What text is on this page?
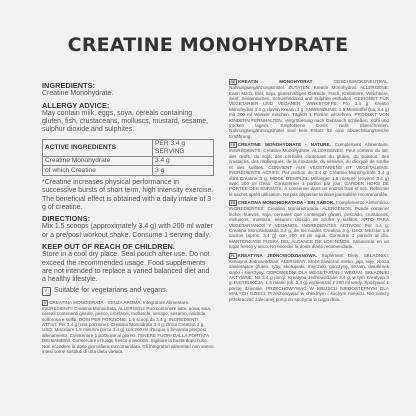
CREATINE MONOHYDRATE
INGREDIENTS:
Creatine Monohydrate.
ALLERGY ADVICE:
May contain milk, eggs, soya, cereals containing gluten, fish, crustaceans, molluscs, mustard, sesame, sulphur dioxide and sulphites.
ACTIVE INGREDIENTS	PER 3.4 g SERVING
Creatine Monohydrate	3.4 g
of which Creatine	3 g
*Creatine increases physical performance in successive bursts of short term, high intensity exercise. The beneficial effect is obtained with a daily intake of 3 g of creatine.
DIRECTIONS:
Mix 1.5 scoops (approximately 3.4 g) with 200 ml water or a pre/post workout shake. Consume 1 serving daily.
KEEP OUT OF REACH OF CHILDREN.
Store in a cool dry place. Seal pouch after use. Do not exceed the recommended usage. Food supplements are not intended to replace a varied balanced diet and a healthy lifestyle.
✓ Suitable for vegetarians and vegans.
IT CREATINA MONOIDRATA - SENZA AROMA. Integratore Alimentare. INGREDIENTI: Creatina Monoidrata. ALLERGENI: Può contenere latte, uova, soia, cereali contenenti glutine, pesce, crostacei, molluschi, senape, sesamo, anidride solforosa e solfiti. DOSI PER PORZIONE: 1.5 scoop da 3.4 g. INGREDIENTI ATTIVI: Per 3.4 g (una porzione): Creatina Monoidrata 3.4 g, di cui Creatina 3 g. USO: Miscelare 1.5 misurini (circa 3.4 g) con 200 ml d'acqua o bevanda pre/post allenamento. Consumare 1 porzione al giorno. TENERE FUORI DALLA PORTATA DEI BAMBINI. Conservare in luogo fresco e asciutto. Sigillare la busta dopo l'uso. Non eccedere la dose giornaliera raccomandata. Gli integratori alimentari non vanno intesi come sostituti di una dieta variata.
DE KREATIN MONOHYDRAT	GESCHMACKSNEUTRAL. Nahrungsergänzungsmittel. ZUTATEN: Kreatin Monohydrat. ALLERGENE: Kann Milch, Eier, Soja, glutenhaltiges Getreide, Fisch, Krebstiere, Weichtiere, Senf, Sesamsamen, Schwefeldioxid und Sulphite enthalten. GEEIGNET FÜR VEGETARIER UND VEGANER. WIRKSTOFFE: Pro 3.4 g: Kreatin Monohydrat 3.4 g, davon Kreatin 3 g. ANWENDUNG: 1.5 Messlöffel (ca. 3.4 g) mit 200 ml Wasser mischen. Täglich 1 Portion verzehren. PRODUKT VON KINDERN FERNHALTEN. Vergrößerung nach Gebrauch schließen. Kühl und trocken lagern. Empfohlene Dosis nicht überschreiten. Nahrungsergänzungsmittel sind kein Ersatz für eine abwechslungsreiche Ernährung.
FR CREATINE MONOHYDRATE - NATURE. Complément Alimentaire. INGRÉDIENTS: Créatine Monohydrate. ALLERGÈNES: Peut contenir du lait, des œufs, du soja, des céréales contenant du gluten, du poisson, des crustacés, des mollusques, de la moutarde, du sésame, du dioxyde de soufre et des sulfites. CONVIENT AUX VÉGÉTARIENS ET VÉGÉTALIENS. INGRÉDIENTS ACTIFS: Par portion de 3.4 g: Créatine Monohydrate 3.4 g dont Créatine 3 g. MODE D'EMPLOI: Mélanger 1.5 mesure (environ 3.4 g) avec 200 ml d'eau. Consommer 1 portion par jour. GARDER HORS DE PORTÉE DES ENFANTS. À conserver dans un endroit frais et sec. Refermer le sachet après utilisation. Ne pas dépasser la dose journalière recommandée.
ES CREATINA MONOHIDRATADA - SIN SABOR. Complemento Alimenticio. INGREDIENTES: Creatina Monohidratada. ALERGENOS: Puede contener leche, huevos, soja, cereales que contengan gluten, pescado, crustáceos, moluscos, mostaza, sésamo, dióxido de azufre y sulfitos. APTO PARA VEGETARIANOS Y VEGANOS. INGREDIENTES ACTIVOS: Por 3.4 g: Creatina Monohidratada 3.4 g, de los cuales Creatina 3 g. USO: Mezclar 1.5 cacitos (aprox. 3.4 g) con 200 ml de agua. Consumir 1 porción al día. MANTENGASE FUERA DEL ALCANCE DE LOS NIÑOS. Almacenar en un lugar fresco y seco. No exceder la dosis diaria recomendada.
PL KREATYNA JEDNOWODZIANOWA. Suplement Diety. SKŁADNIKI: Kreatyna Jednowodzian. ALERGENY: Może zawierać mleko, jaja, soję, zboża zawierające gluten, ryby, skorupiaki, mięczaki, gorczycę, sezam, dwutlenek siarki i siarczyny. ODPOWIEDNI DLA WEGETARIAN I WEGAN. SKŁADNIKI AKTYWNE: Na 3.4 g porcji: Kreatyna Jednowodzian 3.4 g, w tym Kreatyna 3 g. INSTRUKCJA: 1.5 miarki (ok. 3.4 g) wymieszać z 200 ml wody. Spożywać 1 porcję dziennie. PRZECHOWYWAĆ W MIEJSCU NIEDOSTĘPNYM DLA MAŁYCH DZIECI. Przechowywać w chłodnym i suchym miejscu. Nie należy przekraczać zalecanej porcji do spożycia w ciągu dnia.
